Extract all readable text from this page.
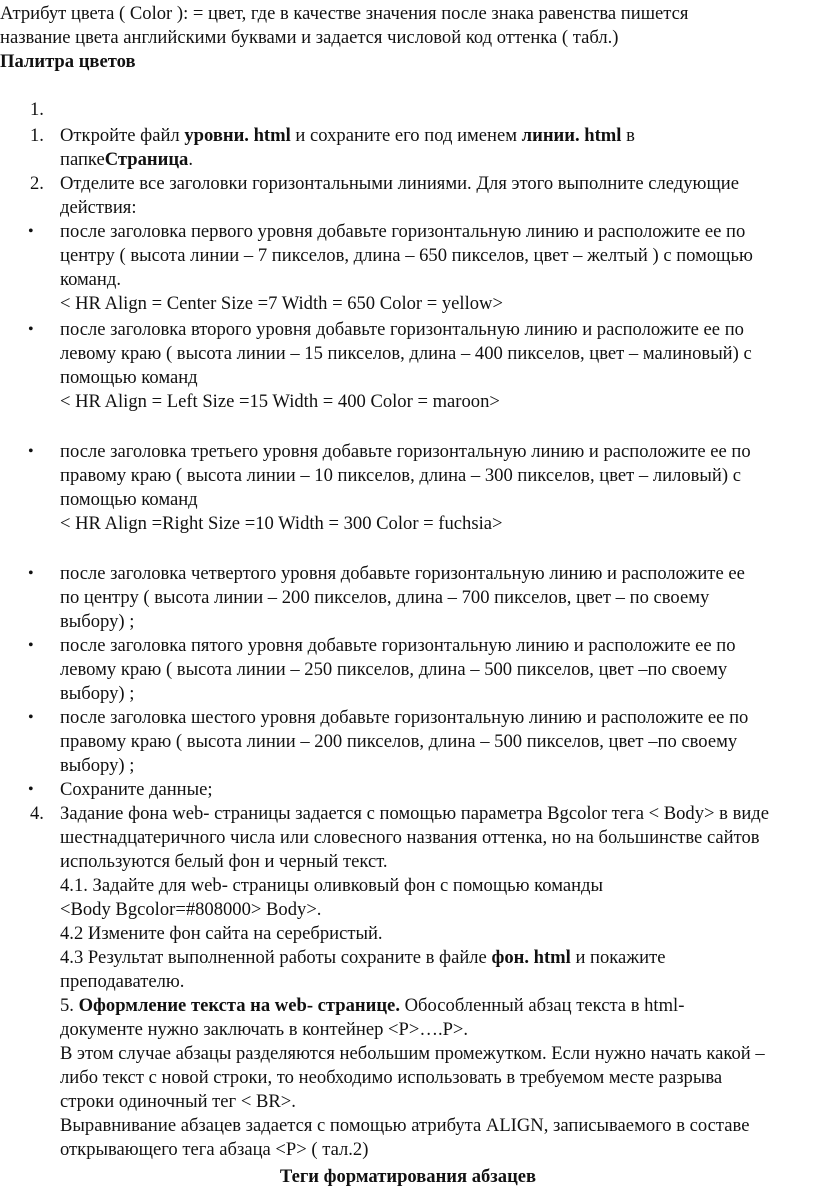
Атрибут цвета ( Color ): = цвет, где в качестве значения после знака равенства пишется
название цвета английскими буквами и задается числовой код оттенка ( табл.)
Палитра цветов
1.

1. Откройте файл уровни. html и сохраните его под именем линии. html в
папкеСтраница.
2. Отделите все заголовки горизонтальными линиями. Для этого выполните следующие
действия:
• после заголовка первого уровня добавьте горизонтальную линию и расположите ее по
центру ( высота линии – 7 пикселов, длина – 650 пикселов, цвет – желтый ) с помощью
команд.
< HR Align = Center Size =7 Width = 650 Color = yellow>
• после заголовка второго уровня добавьте горизонтальную линию и расположите ее по
левому краю ( высота линии – 15 пикселов, длина – 400 пикселов, цвет – малиновый) с
помощью команд
< HR Align = Left Size =15 Width = 400 Color = maroon>
• после заголовка третьего уровня добавьте горизонтальную линию и расположите ее по
правому краю ( высота линии – 10 пикселов, длина – 300 пикселов, цвет – лиловый) с
помощью команд
< HR Align =Right Size =10 Width = 300 Color = fuchsia>
• после заголовка четвертого уровня добавьте горизонтальную линию и расположите ее
по центру ( высота линии – 200 пикселов, длина – 700 пикселов, цвет – по своему
выбору) ;
• после заголовка пятого уровня добавьте горизонтальную линию и расположите ее по
левому краю ( высота линии – 250 пикселов, длина – 500 пикселов, цвет –по своему
выбору) ;
• после заголовка шестого уровня добавьте горизонтальную линию и расположите ее по
правому краю ( высота линии – 200 пикселов, длина – 500 пикселов, цвет –по своему
выбору) ;
• Сохраните данные;
4. Задание фона web- страницы задается с помощью параметра Bgcolor тега < Body> в виде
шестнадцатеричного числа или словесного названия оттенка, но на большинстве сайтов
используются белый фон и черный текст.
4.1. Задайте для web- страницы оливковый фон с помощью команды
<Body Bgcolor=#808000> Body>.
4.2 Измените фон сайта на серебристый.
4.3 Результат выполненной работы сохраните в файле фон. html и покажите
преподавателю.
5. Оформление текста на web- странице. Обособленный абзац текста в html-
документе нужно заключать в контейнер <P>….P>.
В этом случае абзацы разделяются небольшим промежутком. Если нужно начать какой –
либо текст с новой строки, то необходимо использовать в требуемом месте разрыва
строки одиночный тег < BR>.
Выравнивание абзацев задается с помощью атрибута ALIGN, записываемого в составе
открывающего тега абзаца <P> ( тал.2)
Теги форматирования абзацев
